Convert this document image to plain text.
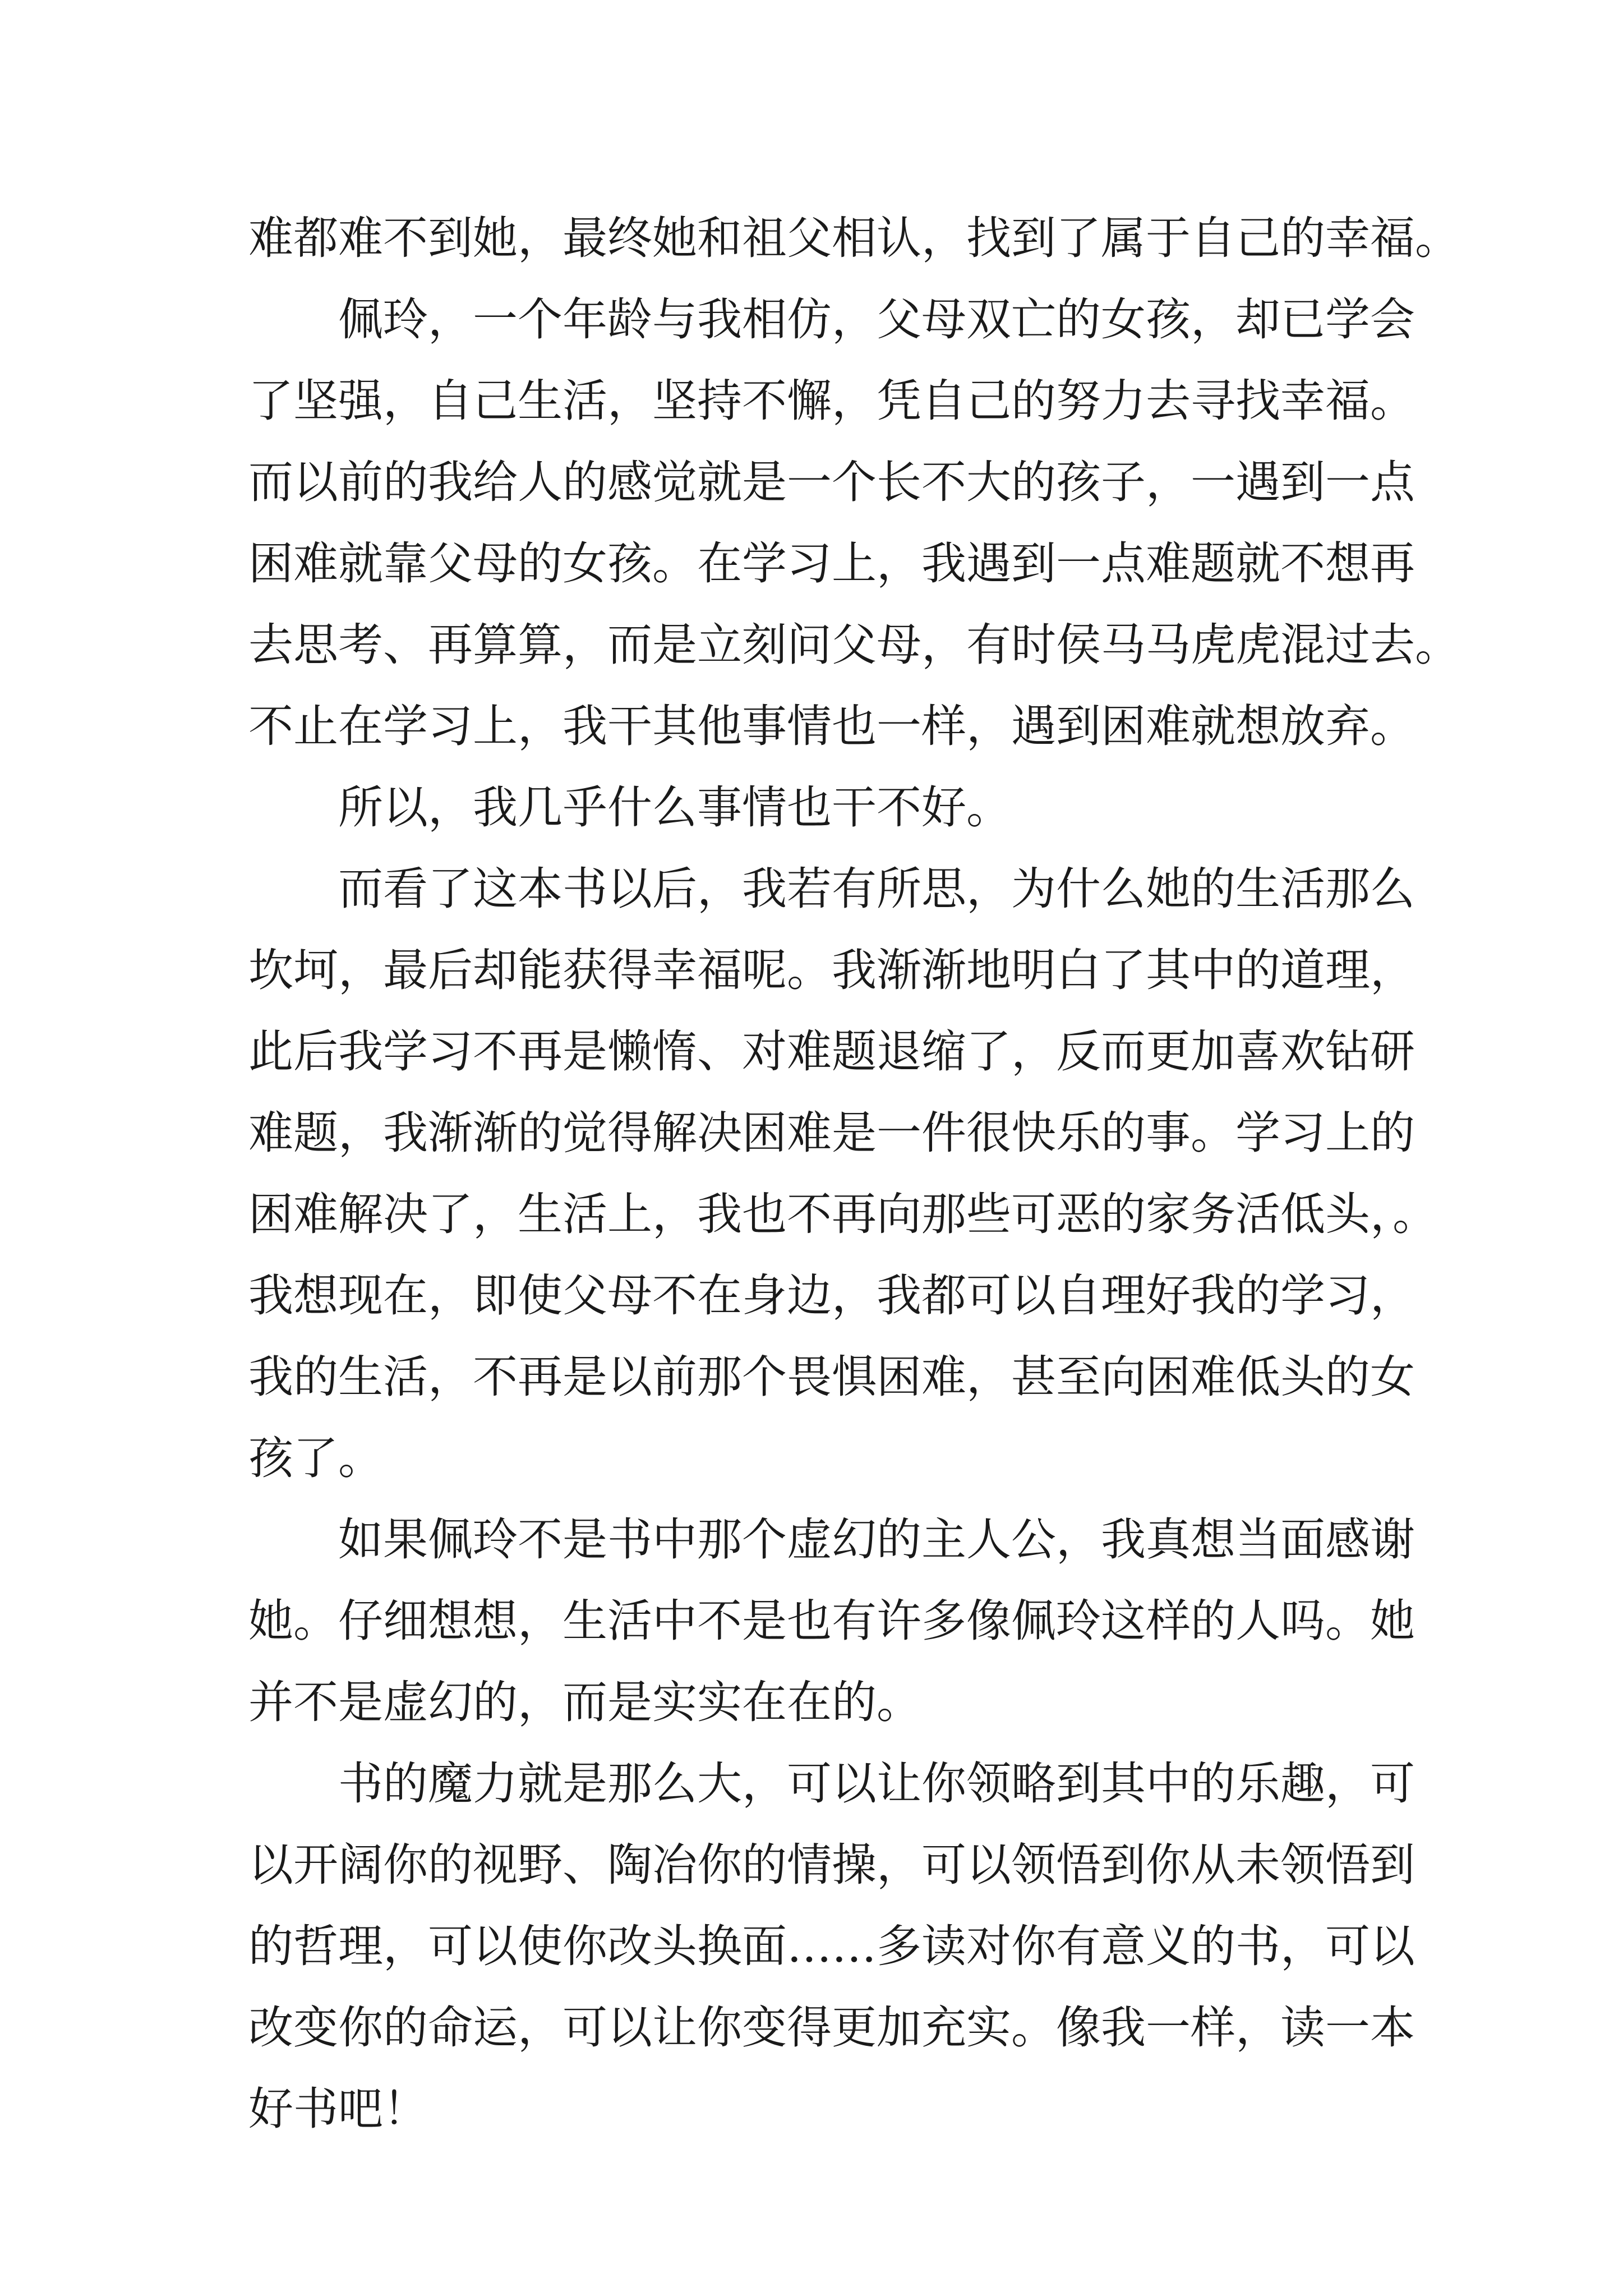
难都难不到她，最终她和祖父相认，找到了属于自己的幸福。
佩玲，一个年龄与我相仿，父母双亡的女孩，却已学会
了坚强，自己生活，坚持不懈，凭自己的努力去寻找幸福。
而以前的我给人的感觉就是一个长不大的孩子，一遇到一点
困难就靠父母的女孩。在学习上，我遇到一点难题就不想再
去思考、再算算，而是立刻问父母，有时侯马马虎虎混过去。
不止在学习上，我干其他事情也一样，遇到困难就想放弃。
所以，我几乎什么事情也干不好。
而看了这本书以后，我若有所思，为什么她的生活那么
坎坷，最后却能获得幸福呢。我渐渐地明白了其中的道理，
此后我学习不再是懒惰、对难题退缩了，反而更加喜欢钻研
难题，我渐渐的觉得解决困难是一件很快乐的事。学习上的
困难解决了，生活上，我也不再向那些可恶的家务活低头，。
我想现在，即使父母不在身边，我都可以自理好我的学习，
我的生活，不再是以前那个畏惧困难，甚至向困难低头的女
孩了。
如果佩玲不是书中那个虚幻的主人公，我真想当面感谢
她。仔细想想，生活中不是也有许多像佩玲这样的人吗。她
并不是虚幻的，而是实实在在的。
书的魔力就是那么大，可以让你领略到其中的乐趣，可
以开阔你的视野、陶冶你的情操，可以领悟到你从未领悟到
的哲理，可以使你改头换面……多读对你有意义的书，可以
改变你的命运，可以让你变得更加充实。像我一样，读一本
好书吧！
